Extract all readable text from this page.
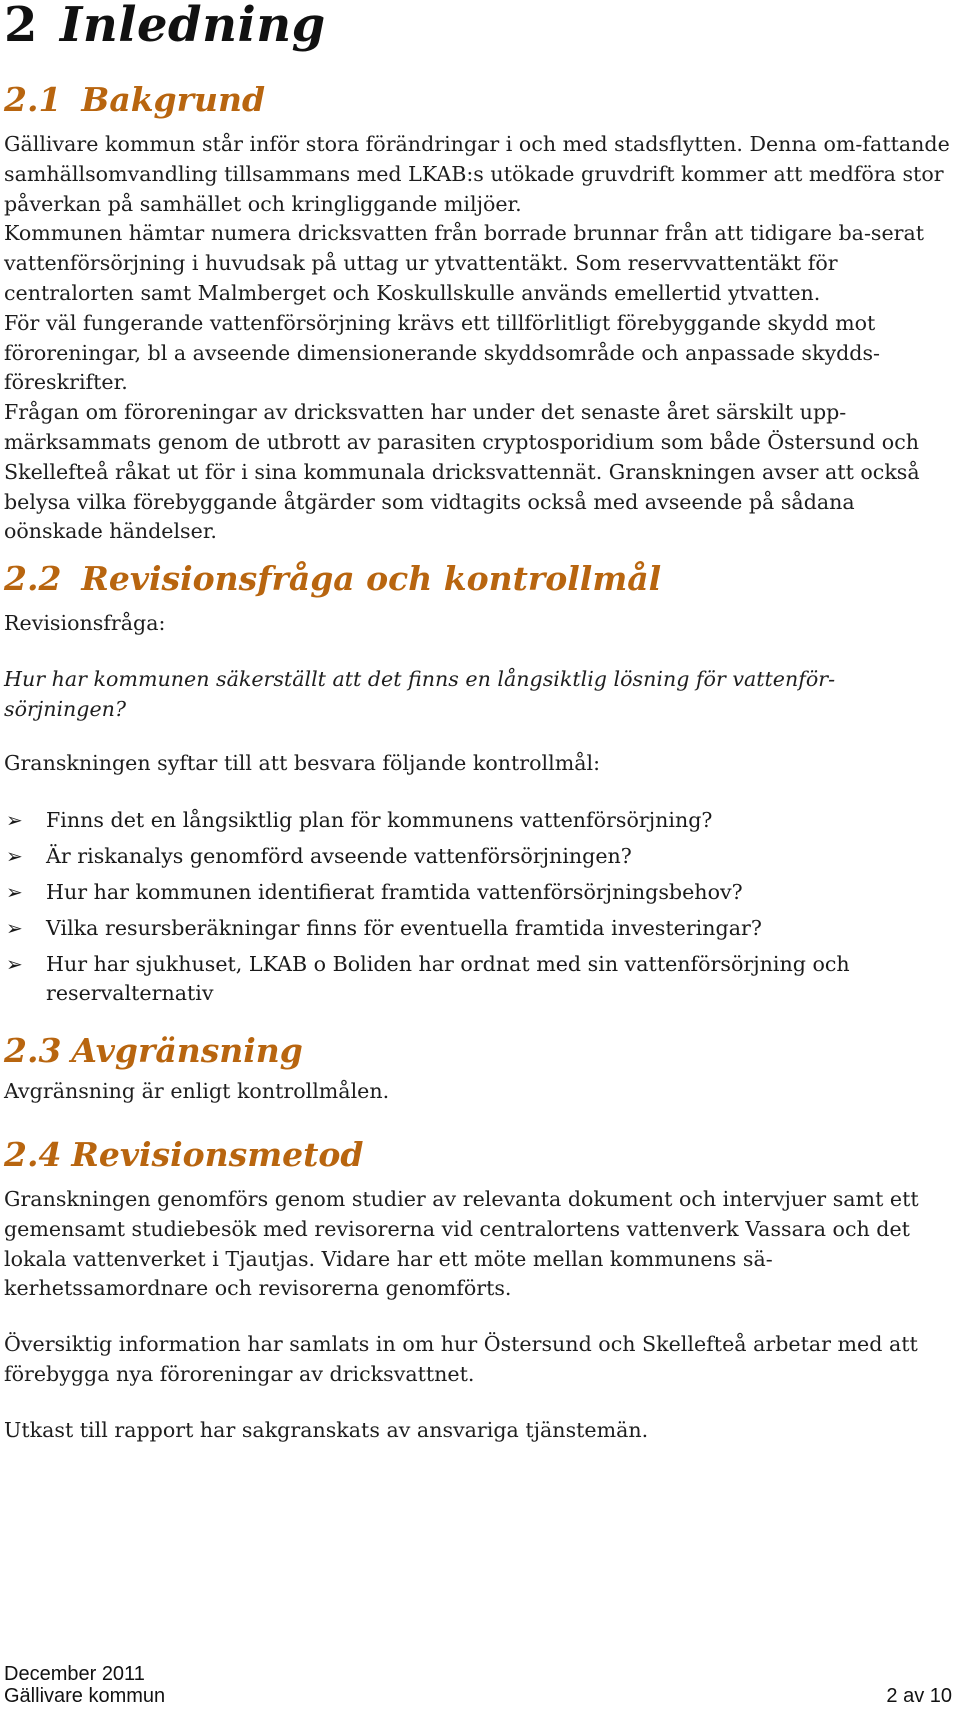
2 Inledning
2.1 Bakgrund

Gällivare kommun står inför stora förändringar i och med stadsflytten. Denna om-fattande samhällsomvandling tillsammans med LKAB:s utökade gruvdrift kommer att medföra stor påverkan på samhället och kringliggande miljöer.

Kommunen hämtar numera dricksvatten från borrade brunnar från att tidigare ba-serat vattenförsörjning i huvudsak på uttag ur ytvattentäkt. Som reservvattentäkt för centralorten samt Malmberget och Koskullskulle används emellertid ytvatten.

För väl fungerande vattenförsörjning krävs ett tillförlitligt förebyggande skydd mot föroreningar, bl a avseende dimensionerande skyddsområde och anpassade skydds-föreskrifter.

Frågan om föroreningar av dricksvatten har under det senaste året särskilt upp-märksammats genom de utbrott av parasiten cryptosporidium som både Östersund och Skellefteå råkat ut för i sina kommunala dricksvattennät. Granskningen avser att också belysa vilka förebyggande åtgärder som vidtagits också med avseende på sådana oönskade händelser.

2.2 Revisionsfråga och kontrollmål

Revisionsfråga:

Hur har kommunen säkerställt att det finns en långsiktlig lösning för vattenför-sörjningen?

Granskningen syftar till att besvara följande kontrollmål:

➢ Finns det en långsiktlig plan för kommunens vattenförsörjning?
➢ Är riskanalys genomförd avseende vattenförsörjningen?
➢ Hur har kommunen identifierat framtida vattenförsörjningsbehov?
➢ Vilka resursberäkningar finns för eventuella framtida investeringar?
➢ Hur har sjukhuset, LKAB o Boliden har ordnat med sin vattenförsörjning och reservalternativ
2.3 Avgränsning

Avgränsning är enligt kontrollmålen.

2.4 Revisionsmetod

Granskningen genomförs genom studier av relevanta dokument och intervjuer samt ett gemensamt studiebesök med revisorerna vid centralortens vattenverk Vassara och det lokala vattenverket i Tjautjas. Vidare har ett möte mellan kommunens sä-kerhetssamordnare och revisorerna genomförts.

Översiktig information har samlats in om hur Östersund och Skellefteå arbetar med att förebygga nya föroreningar av dricksvattnet.

Utkast till rapport har sakgranskats av ansvariga tjänstemän.

December 2011
Gällivare kommun	2 av 10
